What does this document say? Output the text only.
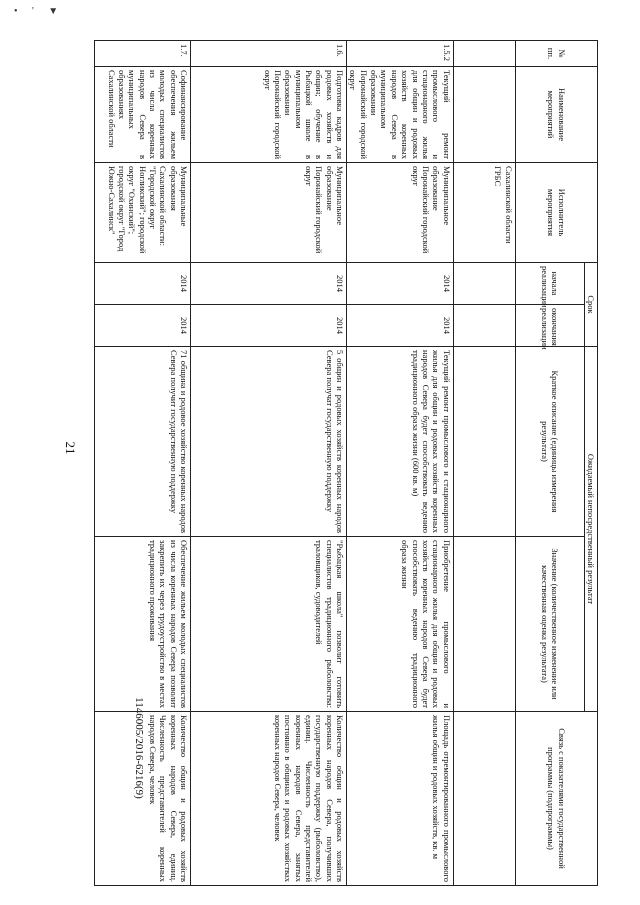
• ' ▼
21
1146005/2016-6216(9)
№ пп.	Наименование мероприятий	Исполнитель мероприятия	Срок		Ожидаемый непосредственный результат		Связь с показателями государственной программы (подпрограммы)
			начала реализации	окончания реализации	Краткое описание (единицы измерения результата)	Значение (количественное изменение или качественная оценка результата)	
		Сахалинской области ГРБС					
1.5.2	Текущий ремонт промыслового и стационарного жилья для общин и родовых хозяйств коренных народов Севера в муниципальном образовании Поронайский городской округ	Муниципальное образование Поронайский городской округ	2014	2014	Текущий ремонт промыслового и стационарного жилья для общин и родовых хозяйств коренных народов Севера будет способствовать ведению традиционного образа жизни (600 кв. м)	Приобретение промыслового и стационарного жилья для общин и родовых хозяйств коренных народов Севера будет способствовать ведению традиционного образа жизни	Площадь отремонтированного промыслового жилья общин и родовых хозяйств, кв. м
1.6.	Подготовка кадров для родовых хозяйств и общин; обучение в Рыбацкой школе в муниципальном образовании Поронайский городской округ	Муниципальное образование Поронайский городской округ	2014	2014	5 общин и родовых хозяйств коренных народов Севера получат государственную поддержку	"Рыбацкая школа" позволит готовить специалистов традиционного рыболовства: траловщиков, судоводителей	Количество общин и родовых хозяйств коренных народов Севера, получивших государственную поддержку (рыболовство), единиц. Численность представителей коренных народов Севера, занятых постоянно в общинах и родовых хозяйствах коренных народов Севера, человек
1.7.	Софинансирование обеспечения жильем молодых специалистов из числа коренных народов Севера в муниципальных образованиях Сахалинской области	Муниципальные образования Сахалинской области: "Городской округ Ногликский"; городской округ "Охинский"; городской округ "Город Южно-Сахалинск"	2014	2014	71 община и родовое хозяйство коренных народов Севера получит государственную поддержку	Обеспечение жильем молодых специалистов из числа коренных народов Севера позволит закрепить их через трудоустройство в местах традиционного проживания	Количество общин и родовых хозяйств коренных народов Севера, единиц. Численность представителей коренных народов Севера, человек
